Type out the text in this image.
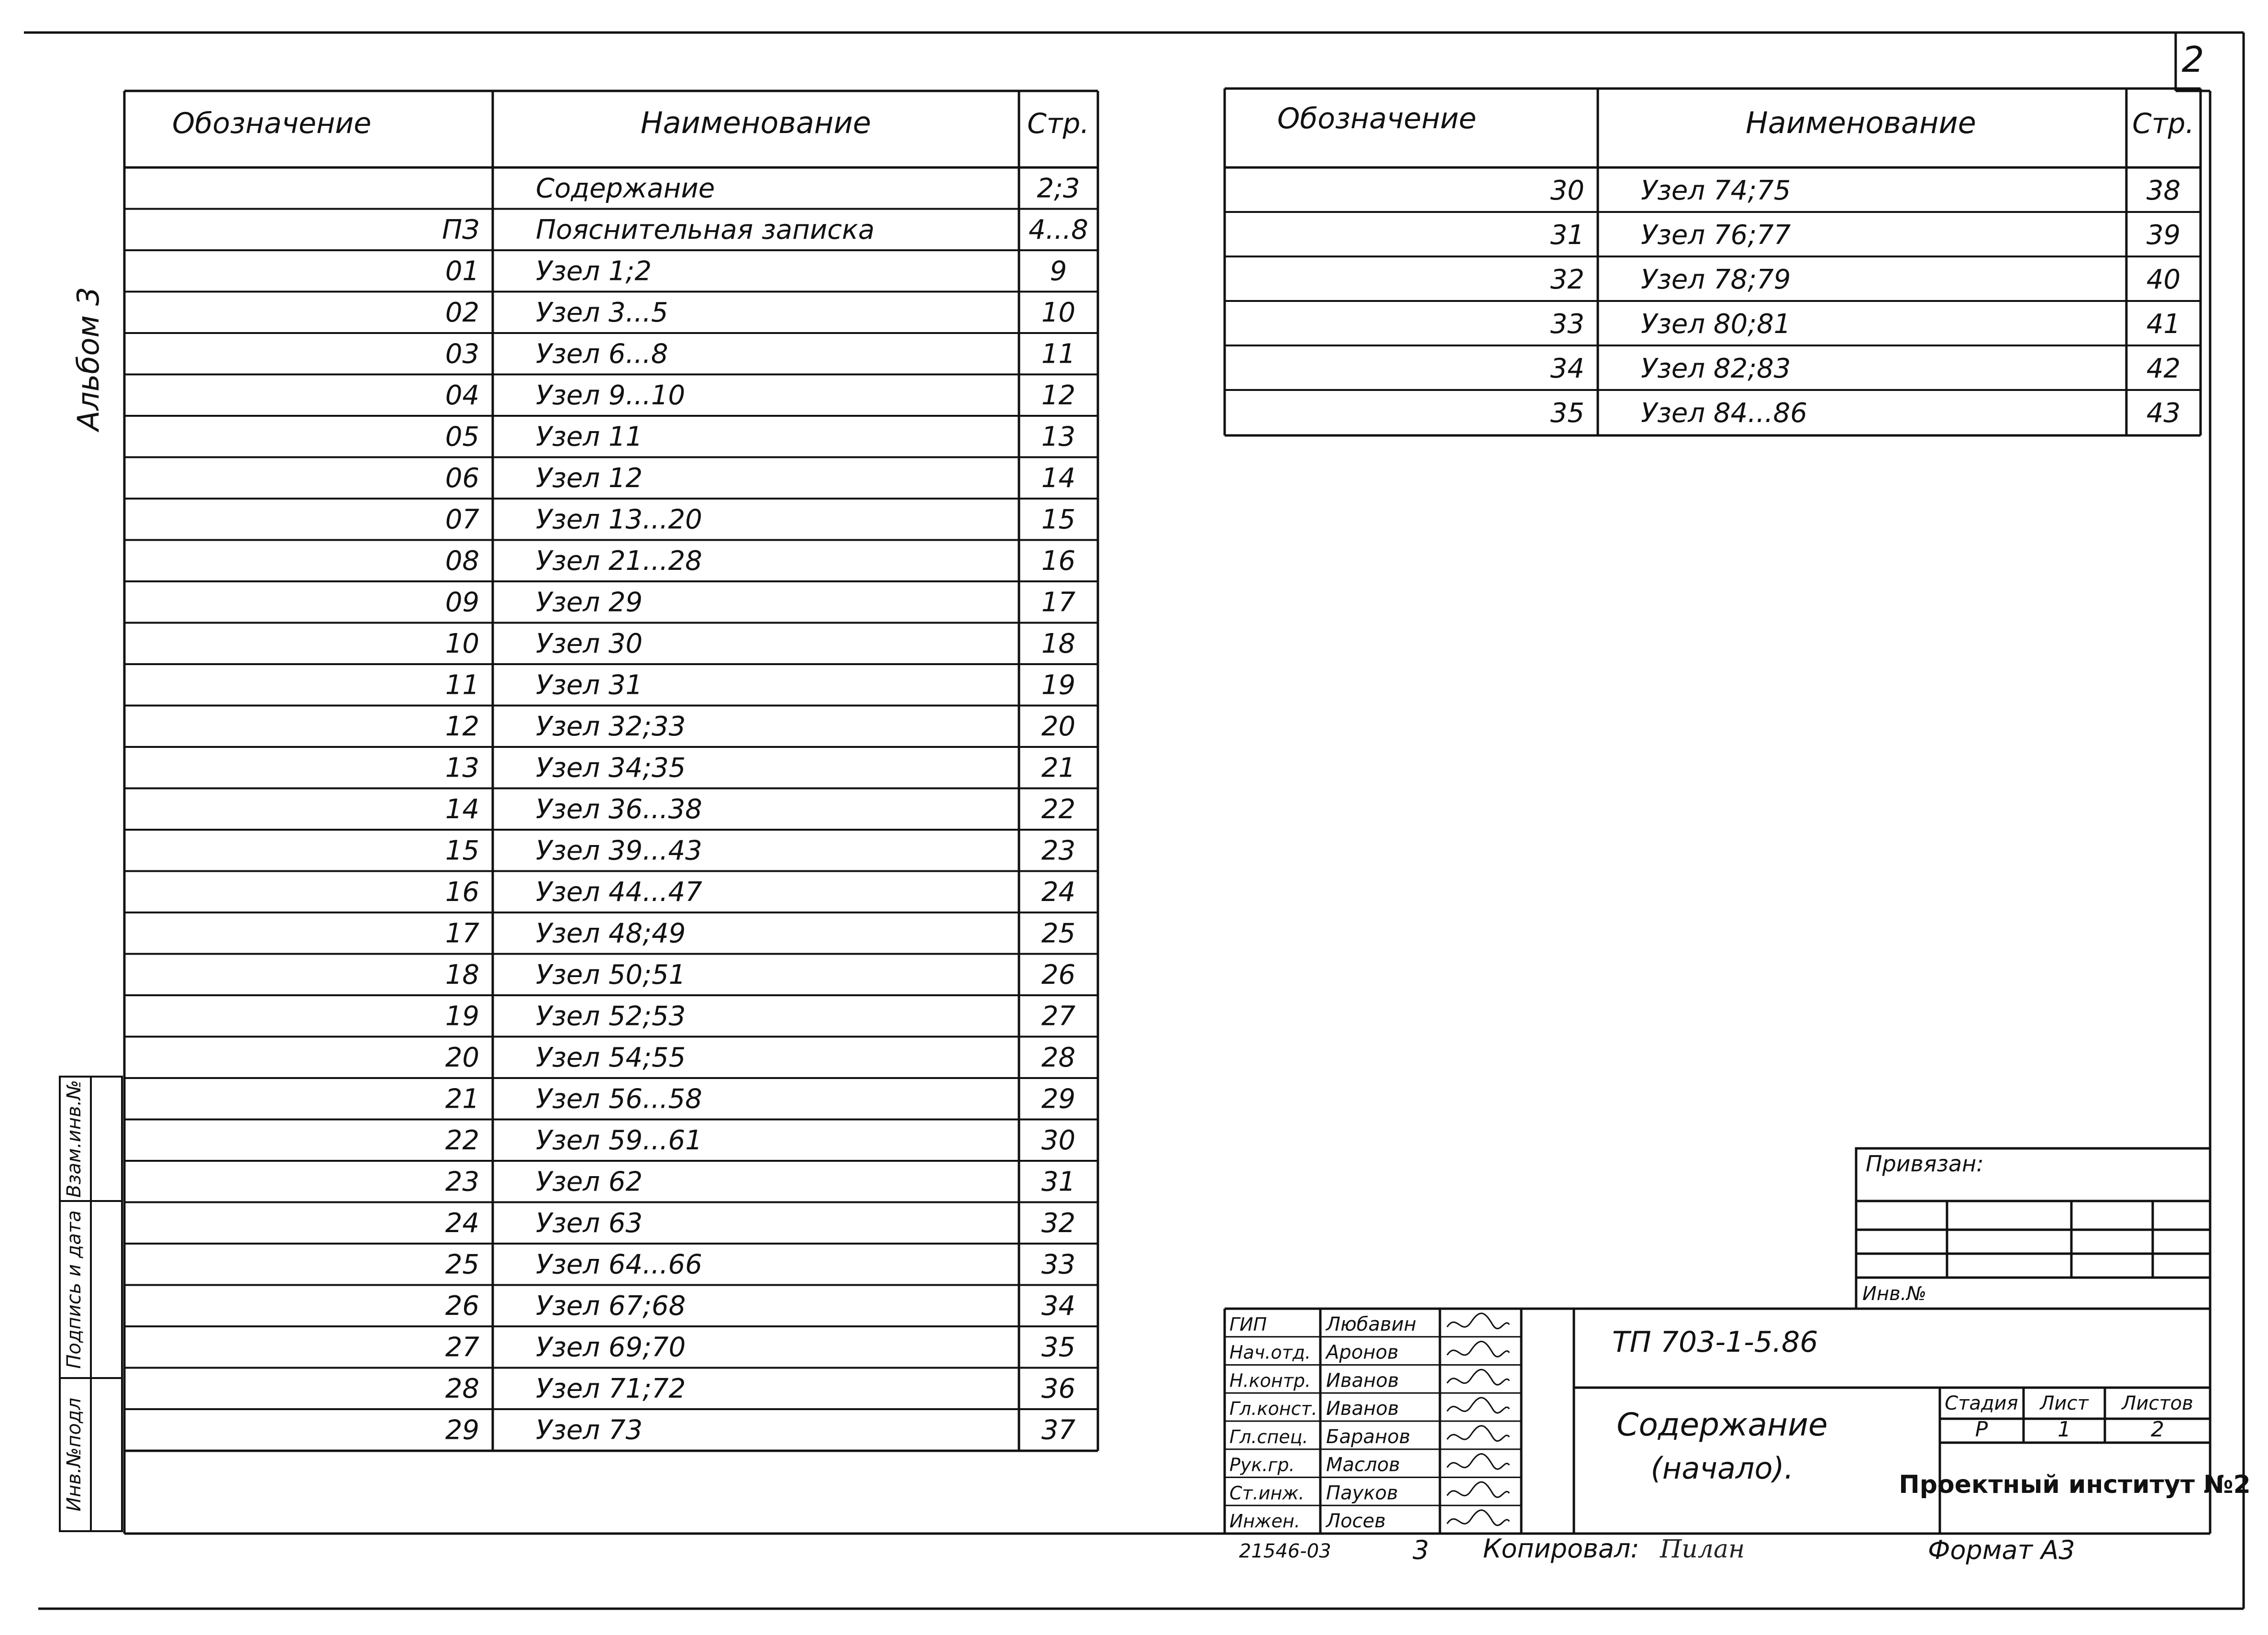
2
Альбом 3
Инв.№подл
Подпись и дата
Взам.инв.№
Содержание	2;3
ПЗ Пояснительная записка	4...8
01 Узел 1;2	9
02 Узел 3...5	10
03 Узел 6...8	11
04 Узел 9...10	12
05 Узел 11	13
06 Узел 12	14
07 Узел 13...20	15
08 Узел 21...28	16
09 Узел 29	17
10 Узел 30	18
11 Узел 31	19
12 Узел 32;33	20
13 Узел 34;35	21
14 Узел 36...38	22
15 Узел 39...43	23
16 Узел 44...47	24
17 Узел 48;49	25
18 Узел 50;51	26
19 Узел 52;53	27
20 Узел 54;55	28
21 Узел 56...58	29
22 Узел 59...61	30
23 Узел 62	31
24 Узел 63	32
25 Узел 64...66	33
26 Узел 67;68	34
27 Узел 69;70	35
28 Узел 71;72	36
29 Узел 73	37
Обозначение	Наименование	Стр.
30 Узел 74;75	38
31 Узел 76;77	39
32 Узел 78;79	40
33 Узел 80;81	41
34 Узел 82;83	42
35 Узел 84...86	43
Обозначение	Наименование	Стр.
Привязан:
Инв.№
ГИП	Любавин
Нач.отд. Аронов
Н.контр. Иванов
Гл.конст. Иванов
Гл.спец. Баранов
Рук.гр. Маслов
Ст.инж. Пауков
Инжен. Лосев
ТП 703-1-5.86
Содержание
(начало).
Стадия Лист Листов
Р	1	2
Проектный институт №2
21546-03	3 Копировал: Пилан	Формат А3
